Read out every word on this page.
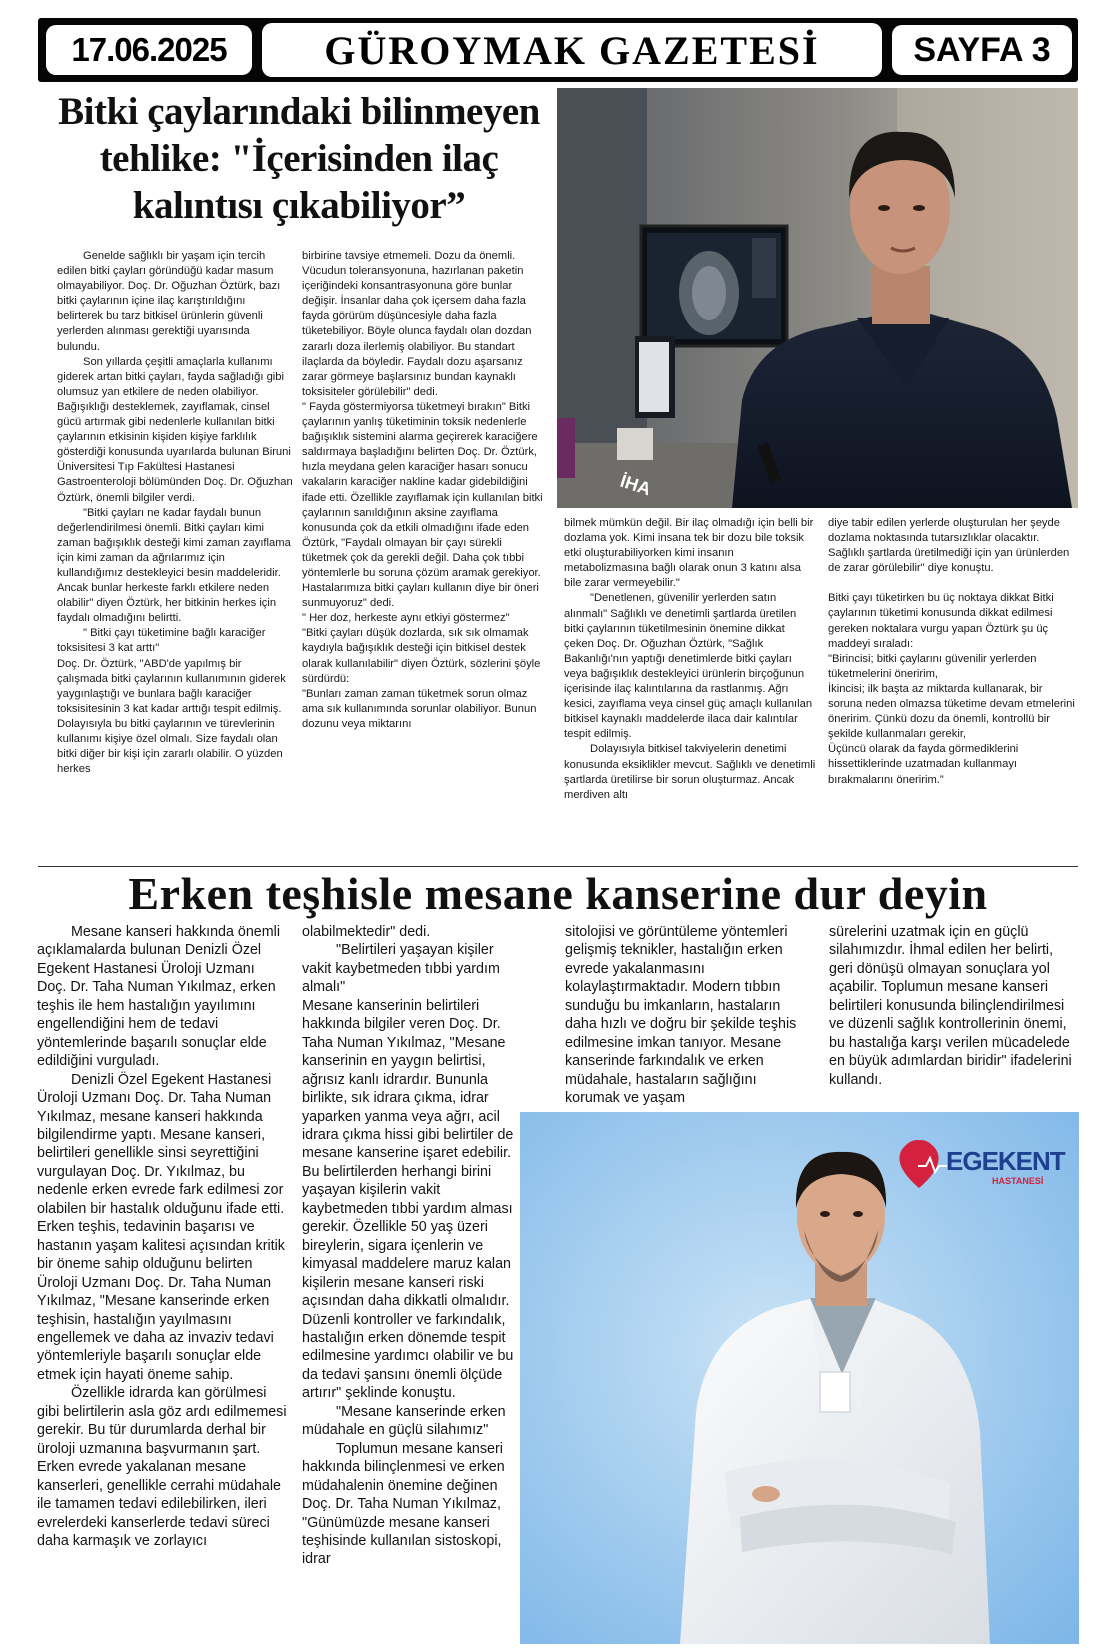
17.06.2025	GÜROYMAK GAZETESİ	SAYFA 3
Bitki çaylarındaki bilinmeyen
tehlike: "İçerisinden ilaç
kalıntısı çıkabiliyor”
İHA

Genelde sağlıklı bir yaşam için tercih edilen bitki çayları göründüğü kadar masum olmayabiliyor. Doç. Dr. Oğuzhan Öztürk, bazı bitki çaylarının içine ilaç karıştırıldığını belirterek bu tarz bitkisel ürünlerin güvenli yerlerden alınması gerektiği uyarısında bulundu.

Son yıllarda çeşitli amaçlarla kullanımı giderek artan bitki çayları, fayda sağladığı gibi olumsuz yan etkilere de neden olabiliyor. Bağışıklığı desteklemek, zayıflamak, cinsel gücü artırmak gibi nedenlerle kullanılan bitki çaylarının etkisinin kişiden kişiye farklılık gösterdiği konusunda uyarılarda bulunan Biruni Üniversitesi Tıp Fakültesi Hastanesi Gastroenteroloji bölümünden Doç. Dr. Oğuzhan Öztürk, önemli bilgiler verdi.

"Bitki çayları ne kadar faydalı bunun değerlendirilmesi önemli. Bitki çayları kimi zaman bağışıklık desteği kimi zaman zayıflama için kimi zaman da ağrılarımız için kullandığımız destekleyici besin maddeleridir. Ancak bunlar herkeste farklı etkilere neden olabilir" diyen Öztürk, her bitkinin herkes için faydalı olmadığını belirtti.

" Bitki çayı tüketimine bağlı karaciğer toksisitesi 3 kat arttı"

Doç. Dr. Öztürk, "ABD'de yapılmış bir çalışmada bitki çaylarının kullanımının giderek yaygınlaştığı ve bunlara bağlı karaciğer toksisitesinin 3 kat kadar arttığı tespit edilmiş. Dolayısıyla bu bitki çaylarının ve türevlerinin kullanımı kişiye özel olmalı. Size faydalı olan bitki diğer bir kişi için zararlı olabilir. O yüzden herkes

birbirine tavsiye etmemeli. Dozu da önemli. Vücudun toleransyonuna, hazırlanan paketin içeriğindeki konsantrasyonuna göre bunlar değişir. İnsanlar daha çok içersem daha fazla fayda görürüm düşüncesiyle daha fazla tüketebiliyor. Böyle olunca faydalı olan dozdan zararlı doza ilerlemiş olabiliyor. Bu standart ilaçlarda da böyledir. Faydalı dozu aşarsanız zarar görmeye başlarsınız bundan kaynaklı toksisiteler görülebilir" dedi.

" Fayda göstermiyorsa tüketmeyi bırakın" Bitki çaylarının yanlış tüketiminin toksik nedenlerle bağışıklık sistemini alarma geçirerek karaciğere saldırmaya başladığını belirten Doç. Dr. Öztürk, hızla meydana gelen karaciğer hasarı sonucu vakaların karaciğer nakline kadar gidebildiğini ifade etti. Özellikle zayıflamak için kullanılan bitki çaylarının sanıldığının aksine zayıflama konusunda çok da etkili olmadığını ifade eden Öztürk, "Faydalı olmayan bir çayı sürekli tüketmek çok da gerekli değil. Daha çok tıbbi yöntemlerle bu soruna çözüm aramak gerekiyor. Hastalarımıza bitki çayları kullanın diye bir öneri sunmuyoruz" dedi.

" Her doz, herkeste aynı etkiyi göstermez"

"Bitki çayları düşük dozlarda, sık sık olmamak kaydıyla bağışıklık desteği için bitkisel destek olarak kullanılabilir" diyen Öztürk, sözlerini şöyle sürdürdü:

"Bunları zaman zaman tüketmek sorun olmaz ama sık kullanımında sorunlar olabiliyor. Bunun dozunu veya miktarını

bilmek mümkün değil. Bir ilaç olmadığı için belli bir dozlama yok. Kimi insana tek bir dozu bile toksik etki oluşturabiliyorken kimi insanın metabolizmasına bağlı olarak onun 3 katını alsa bile zarar vermeyebilir."

"Denetlenen, güvenilir yerlerden satın alınmalı" Sağlıklı ve denetimli şartlarda üretilen bitki çaylarının tüketilmesinin önemine dikkat çeken Doç. Dr. Oğuzhan Öztürk, "Sağlık Bakanlığı'nın yaptığı denetimlerde bitki çayları veya bağışıklık destekleyici ürünlerin birçoğunun içerisinde ilaç kalıntılarına da rastlanmış. Ağrı kesici, zayıflama veya cinsel güç amaçlı kullanılan bitkisel kaynaklı maddelerde ilaca dair kalıntılar tespit edilmiş.

Dolayısıyla bitkisel takviyelerin denetimi konusunda eksiklikler mevcut. Sağlıklı ve denetimli şartlarda üretilirse bir sorun oluşturmaz. Ancak merdiven altı

diye tabir edilen yerlerde oluşturulan her şeyde dozlama noktasında tutarsızlıklar olacaktır. Sağlıklı şartlarda üretilmediği için yan ürünlerden de zarar görülebilir" diye konuştu.

Bitki çayı tüketirken bu üç noktaya dikkat Bitki çaylarının tüketimi konusunda dikkat edilmesi gereken noktalara vurgu yapan Öztürk şu üç maddeyi sıraladı:

"Birincisi; bitki çaylarını güvenilir yerlerden tüketmelerini öneririm,

İkincisi; ilk başta az miktarda kullanarak, bir soruna neden olmazsa tüketime devam etmelerini öneririm. Çünkü dozu da önemli, kontrollü bir şekilde kullanmaları gerekir,

Üçüncü olarak da fayda görmediklerini hissettiklerinde uzatmadan kullanmayı bırakmalarını öneririm.”

Erken teşhisle mesane kanserine dur deyin

Mesane kanseri hakkında önemli açıklamalarda bulunan Denizli Özel Egekent Hastanesi Üroloji Uzmanı Doç. Dr. Taha Numan Yıkılmaz, erken teşhis ile hem hastalığın yayılımını engellendiğini hem de tedavi yöntemlerinde başarılı sonuçlar elde edildiğini vurguladı.

Denizli Özel Egekent Hastanesi Üroloji Uzmanı Doç. Dr. Taha Numan Yıkılmaz, mesane kanseri hakkında bilgilendirme yaptı. Mesane kanseri, belirtileri genellikle sinsi seyrettiğini vurgulayan Doç. Dr. Yıkılmaz, bu nedenle erken evrede fark edilmesi zor olabilen bir hastalık olduğunu ifade etti. Erken teşhis, tedavinin başarısı ve hastanın yaşam kalitesi açısından kritik bir öneme sahip olduğunu belirten Üroloji Uzmanı Doç. Dr. Taha Numan Yıkılmaz, "Mesane kanserinde erken teşhisin, hastalığın yayılmasını engellemek ve daha az invaziv tedavi yöntemleriyle başarılı sonuçlar elde etmek için hayati öneme sahip.

Özellikle idrarda kan görülmesi gibi belirtilerin asla göz ardı edilmemesi gerekir. Bu tür durumlarda derhal bir üroloji uzmanına başvurmanın şart. Erken evrede yakalanan mesane kanserleri, genellikle cerrahi müdahale ile tamamen tedavi edilebilirken, ileri evrelerdeki kanserlerde tedavi süreci daha karmaşık ve zorlayıcı

olabilmektedir" dedi.

"Belirtileri yaşayan kişiler vakit kaybetmeden tıbbi yardım almalı"

Mesane kanserinin belirtileri hakkında bilgiler veren Doç. Dr. Taha Numan Yıkılmaz, "Mesane kanserinin en yaygın belirtisi, ağrısız kanlı idrardır. Bununla birlikte, sık idrara çıkma, idrar yaparken yanma veya ağrı, acil idrara çıkma hissi gibi belirtiler de mesane kanserine işaret edebilir. Bu belirtilerden herhangi birini yaşayan kişilerin vakit kaybetmeden tıbbi yardım alması gerekir. Özellikle 50 yaş üzeri bireylerin, sigara içenlerin ve kimyasal maddelere maruz kalan kişilerin mesane kanseri riski açısından daha dikkatli olmalıdır. Düzenli kontroller ve farkındalık, hastalığın erken dönemde tespit edilmesine yardımcı olabilir ve bu da tedavi şansını önemli ölçüde artırır" şeklinde konuştu.

"Mesane kanserinde erken müdahale en güçlü silahımız"

Toplumun mesane kanseri hakkında bilinçlenmesi ve erken müdahalenin önemine değinen Doç. Dr. Taha Numan Yıkılmaz, "Günümüzde mesane kanseri teşhisinde kullanılan sistoskopi, idrar

sitolojisi ve görüntüleme yöntemleri gelişmiş teknikler, hastalığın erken evrede yakalanmasını kolaylaştırmaktadır. Modern tıbbın sunduğu bu imkanların, hastaların daha hızlı ve doğru bir şekilde teşhis edilmesine imkan tanıyor. Mesane kanserinde farkındalık ve erken müdahale, hastaların sağlığını korumak ve yaşam

sürelerini uzatmak için en güçlü silahımızdır. İhmal edilen her belirti, geri dönüşü olmayan sonuçlara yol açabilir. Toplumun mesane kanseri belirtileri konusunda bilinçlendirilmesi ve düzenli sağlık kontrollerinin önemi, bu hastalığa karşı verilen mücadelede en büyük adımlardan biridir" ifadelerini kullandı.

EGEKENT
HASTANESİ
